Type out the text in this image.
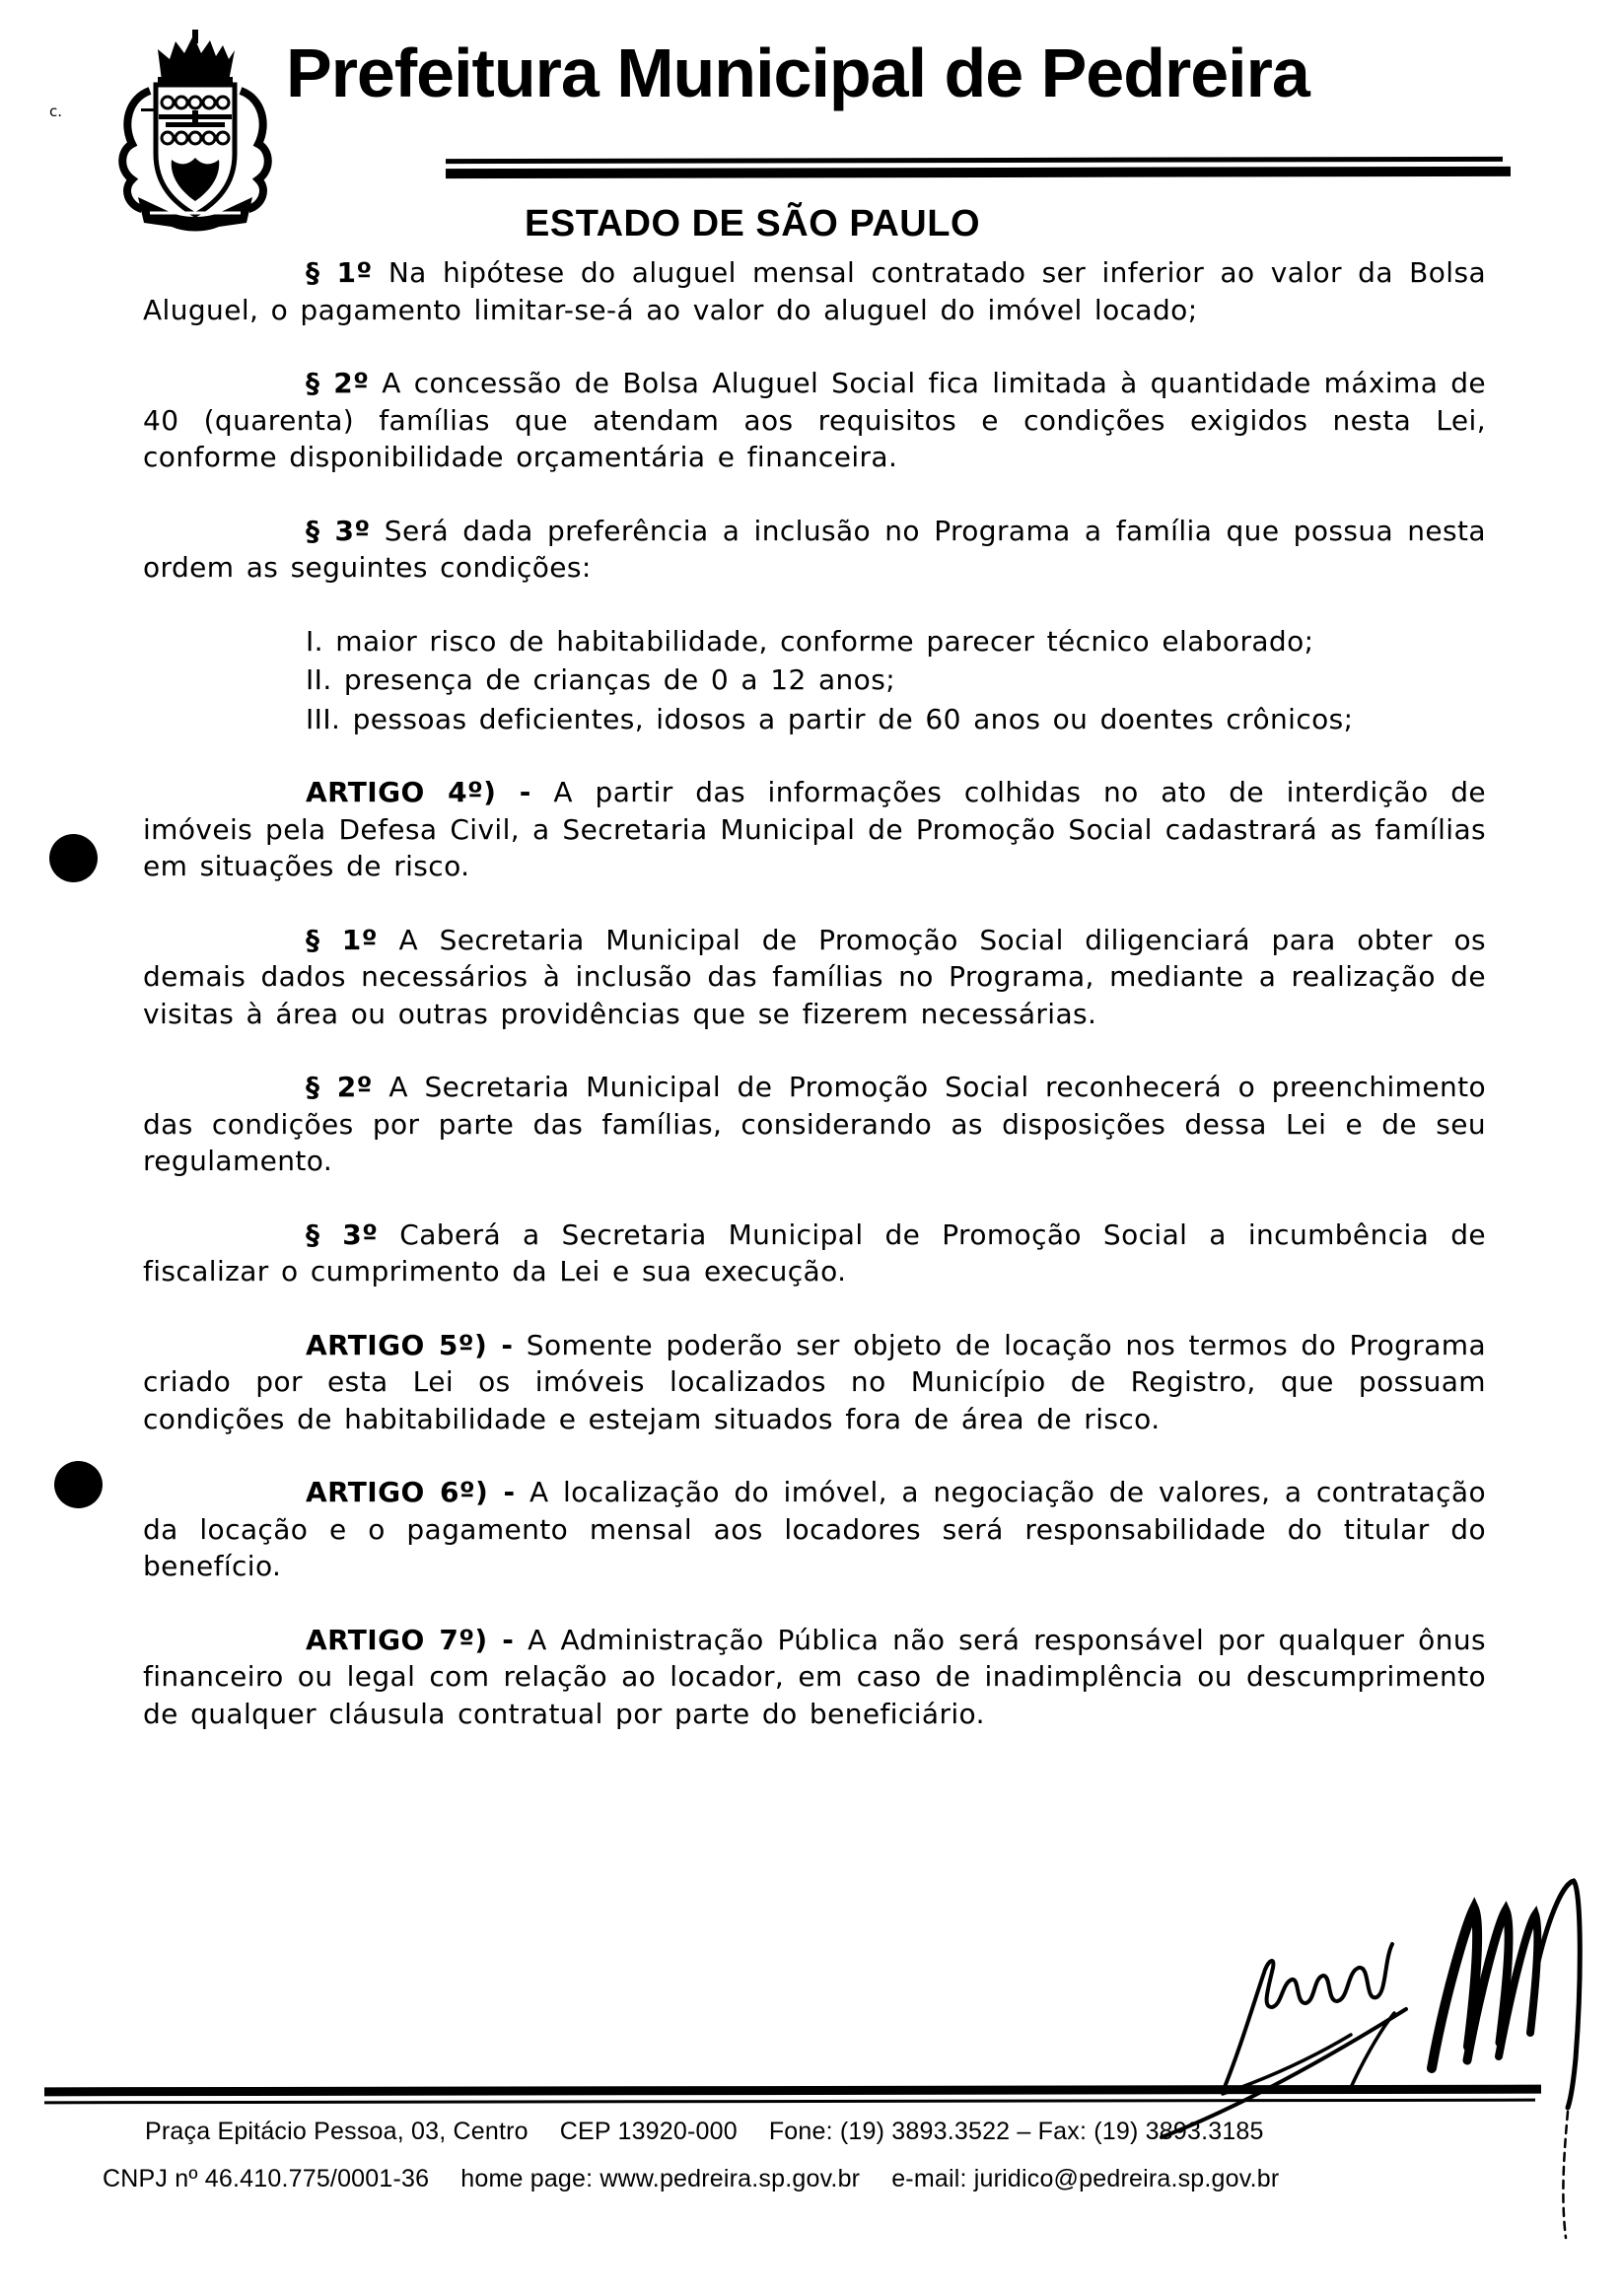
c.	Prefeitura Municipal de Pedreira
ESTADO DE SÃO PAULO

§ 1º Na hipótese do aluguel mensal contratado ser inferior ao valor da Bolsa Aluguel, o pagamento limitar-se-á ao valor do aluguel do imóvel locado;

§ 2º A concessão de Bolsa Aluguel Social fica limitada à quantidade máxima de 40 (quarenta) famílias que atendam aos requisitos e condições exigidos nesta Lei, conforme disponibilidade orçamentária e financeira.

§ 3º Será dada preferência a inclusão no Programa a família que possua nesta ordem as seguintes condições:

I. maior risco de habitabilidade, conforme parecer técnico elaborado;

II. presença de crianças de 0 a 12 anos;

III. pessoas deficientes, idosos a partir de 60 anos ou doentes crônicos;

ARTIGO 4º) - A partir das informações colhidas no ato de interdição de imóveis pela Defesa Civil, a Secretaria Municipal de Promoção Social cadastrará as famílias em situações de risco.

§ 1º A Secretaria Municipal de Promoção Social diligenciará para obter os demais dados necessários à inclusão das famílias no Programa, mediante a realização de visitas à área ou outras providências que se fizerem necessárias.

§ 2º A Secretaria Municipal de Promoção Social reconhecerá o preenchimento das condições por parte das famílias, considerando as disposições dessa Lei e de seu regulamento.

§ 3º Caberá a Secretaria Municipal de Promoção Social a incumbência de fiscalizar o cumprimento da Lei e sua execução.

ARTIGO 5º) - Somente poderão ser objeto de locação nos termos do Programa criado por esta Lei os imóveis localizados no Município de Registro, que possuam condições de habitabilidade e estejam situados fora de área de risco.

ARTIGO 6º) - A localização do imóvel, a negociação de valores, a contratação da locação e o pagamento mensal aos locadores será responsabilidade do titular do benefício.

ARTIGO 7º) - A Administração Pública não será responsável por qualquer ônus financeiro ou legal com relação ao locador, em caso de inadimplência ou descumprimento de qualquer cláusula contratual por parte do beneficiário.

Praça Epitácio Pessoa, 03, Centro CEP 13920-000 Fone: (19) 3893.3522 – Fax: (19) 3893.3185
CNPJ nº 46.410.775/0001-36 home page: www.pedreira.sp.gov.br e-mail: juridico@pedreira.sp.gov.br
